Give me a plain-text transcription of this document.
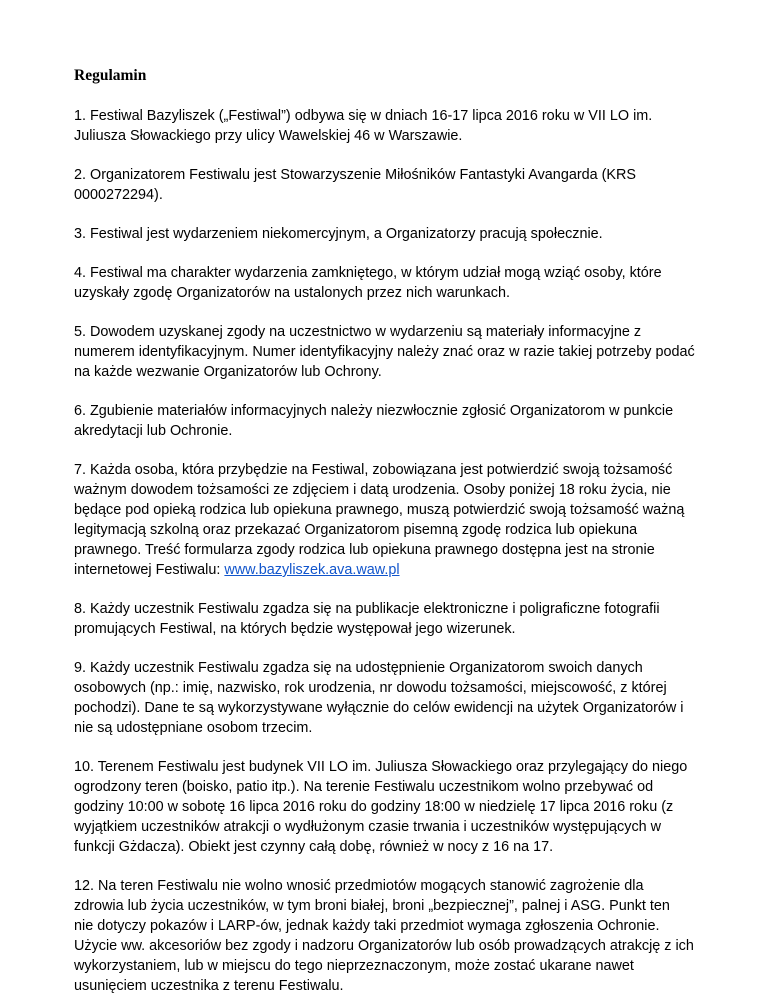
Regulamin
1. Festiwal Bazyliszek („Festiwal”) odbywa się w dniach 16-17 lipca 2016 roku w VII LO im.
Juliusza Słowackiego przy ulicy Wawelskiej 46 w Warszawie.
2. Organizatorem Festiwalu jest Stowarzyszenie Miłośników Fantastyki Avangarda (KRS
0000272294).
3. Festiwal jest wydarzeniem niekomercyjnym, a Organizatorzy pracują społecznie.
4. Festiwal ma charakter wydarzenia zamkniętego, w którym udział mogą wziąć osoby, które
uzyskały zgodę Organizatorów na ustalonych przez nich warunkach.
5. Dowodem uzyskanej zgody na uczestnictwo w wydarzeniu są materiały informacyjne z
numerem identyfikacyjnym. Numer identyfikacyjny należy znać oraz w razie takiej potrzeby podać
na każde wezwanie Organizatorów lub Ochrony.
6. Zgubienie materiałów informacyjnych należy niezwłocznie zgłosić Organizatorom w punkcie
akredytacji lub Ochronie.
7. Każda osoba, która przybędzie na Festiwal, zobowiązana jest potwierdzić swoją tożsamość
ważnym dowodem tożsamości ze zdjęciem i datą urodzenia. Osoby poniżej 18 roku życia, nie
będące pod opieką rodzica lub opiekuna prawnego, muszą potwierdzić swoją tożsamość ważną
legitymacją szkolną oraz przekazać Organizatorom pisemną zgodę rodzica lub opiekuna
prawnego. Treść formularza zgody rodzica lub opiekuna prawnego dostępna jest na stronie
internetowej Festiwalu: www.bazyliszek.ava.waw.pl
8. Każdy uczestnik Festiwalu zgadza się na publikacje elektroniczne i poligraficzne fotografii
promujących Festiwal, na których będzie występował jego wizerunek.
9. Każdy uczestnik Festiwalu zgadza się na udostępnienie Organizatorom swoich danych
osobowych (np.: imię, nazwisko, rok urodzenia, nr dowodu tożsamości, miejscowość, z której
pochodzi). Dane te są wykorzystywane wyłącznie do celów ewidencji na użytek Organizatorów i
nie są udostępniane osobom trzecim.
10. Terenem Festiwalu jest budynek VII LO im. Juliusza Słowackiego oraz przylegający do niego
ogrodzony teren (boisko, patio itp.). Na terenie Festiwalu uczestnikom wolno przebywać od
godziny 10:00 w sobotę 16 lipca 2016 roku do godziny 18:00 w niedzielę 17 lipca 2016 roku (z
wyjątkiem uczestników atrakcji o wydłużonym czasie trwania i uczestników występujących w
funkcji Gżdacza). Obiekt jest czynny całą dobę, również w nocy z 16 na 17.
12. Na teren Festiwalu nie wolno wnosić przedmiotów mogących stanowić zagrożenie dla
zdrowia lub życia uczestników, w tym broni białej, broni „bezpiecznej”, palnej i ASG. Punkt ten
nie dotyczy pokazów i LARP-ów, jednak każdy taki przedmiot wymaga zgłoszenia Ochronie.
Użycie ww. akcesoriów bez zgody i nadzoru Organizatorów lub osób prowadzących atrakcję z ich
wykorzystaniem, lub w miejscu do tego nieprzeznaczonym, może zostać ukarane nawet
usunięciem uczestnika z terenu Festiwalu.
